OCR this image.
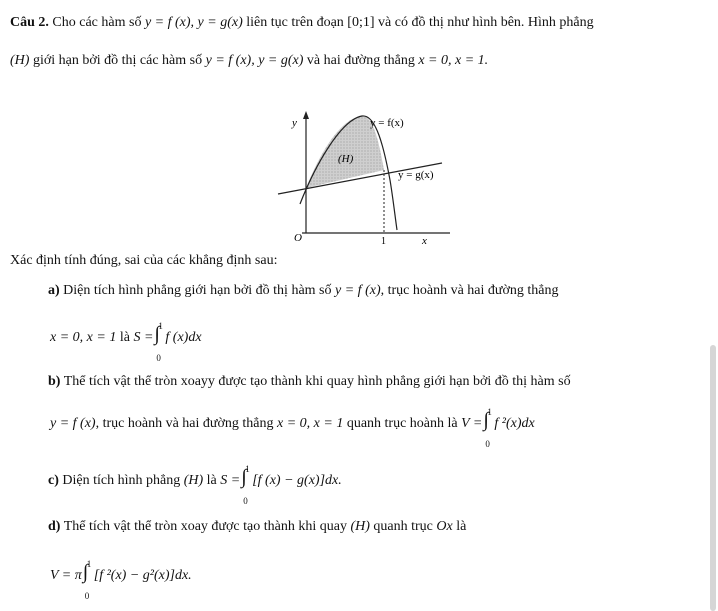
Câu 2. Cho các hàm số y = f (x), y = g(x) liên tục trên đoạn [0;1] và có đồ thị như hình bên. Hình phẳng
(H) giới hạn bởi đồ thị các hàm số y = f (x), y = g(x) và hai đường thẳng x = 0, x = 1.
y
x
O	1
y = f(x)
y = g(x)
(H)
Xác định tính đúng, sai của các khẳng định sau:
a) Diện tích hình phẳng giới hạn bởi đồ thị hàm số y = f (x), trục hoành và hai đường thẳng
x = 0, x = 1 là S =
1
∫
0
f (x)dx
b) Thể tích vật thể tròn xoayy được tạo thành khi quay hình phẳng giới hạn bởi đồ thị hàm số
y = f (x), trục hoành và hai đường thẳng x = 0, x = 1 quanh trục hoành là V =
1
∫
0
f ²(x)dx
c) Diện tích hình phẳng (H) là S =
1
∫
0
[f (x) − g(x)]dx.
d) Thể tích vật thể tròn xoay được tạo thành khi quay (H) quanh trục Ox là
V = π
1
∫
0
[f ²(x) − g²(x)]dx.
